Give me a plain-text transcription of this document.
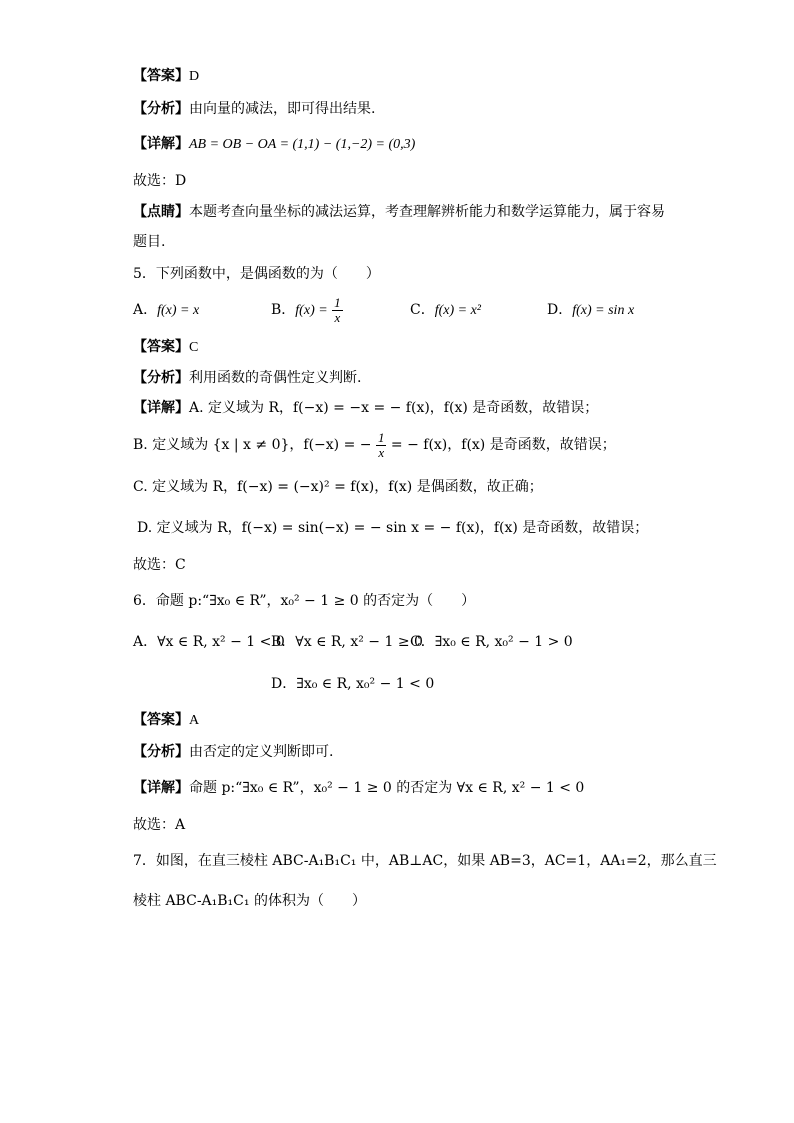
【答案】D
【分析】由向量的减法，即可得出结果.
【详解】AB = OB − OA = (1,1) − (1,−2) = (0,3)
故选：D
【点睛】本题考查向量坐标的减法运算，考查理解辨析能力和数学运算能力，属于容易
题目.
5．下列函数中，是偶函数的为（　　）
A．f(x) = x	B．$f(x) = \frac{1}{x}$	C．f(x) = x²	D．f(x) = sin x
【答案】C
【分析】利用函数的奇偶性定义判断.
【详解】A. 定义域为 R，f(−x) = −x = − f(x)，f(x) 是奇函数，故错误；
B. 定义域为 {x | x ≠ 0}，f(−x) = − $\frac{1}{x}$ = − f(x)，f(x) 是奇函数，故错误；
C. 定义域为 R，f(−x) = (−x)² = f(x)，f(x) 是偶函数，故正确；
D. 定义域为 R，f(−x) = sin(−x) = − sin x = − f(x)，f(x) 是奇函数，故错误；
故选：C
6．命题 p:“∃x₀ ∈ R”，x₀² − 1 ≥ 0 的否定为（　　）
A．∀x ∈ R, x² − 1 < 0
B．∀x ∈ R, x² − 1 ≥ 0
C．∃x₀ ∈ R, x₀² − 1 > 0
D．∃x₀ ∈ R, x₀² − 1 < 0
【答案】A
【分析】由否定的定义判断即可.
【详解】命题 p:“∃x₀ ∈ R”，x₀² − 1 ≥ 0 的否定为 ∀x ∈ R, x² − 1 < 0
故选：A
7．如图，在直三棱柱 ABC-A₁B₁C₁ 中，AB⊥AC，如果 AB=3，AC=1，AA₁=2，那么直三
棱柱 ABC-A₁B₁C₁ 的体积为（　　）
